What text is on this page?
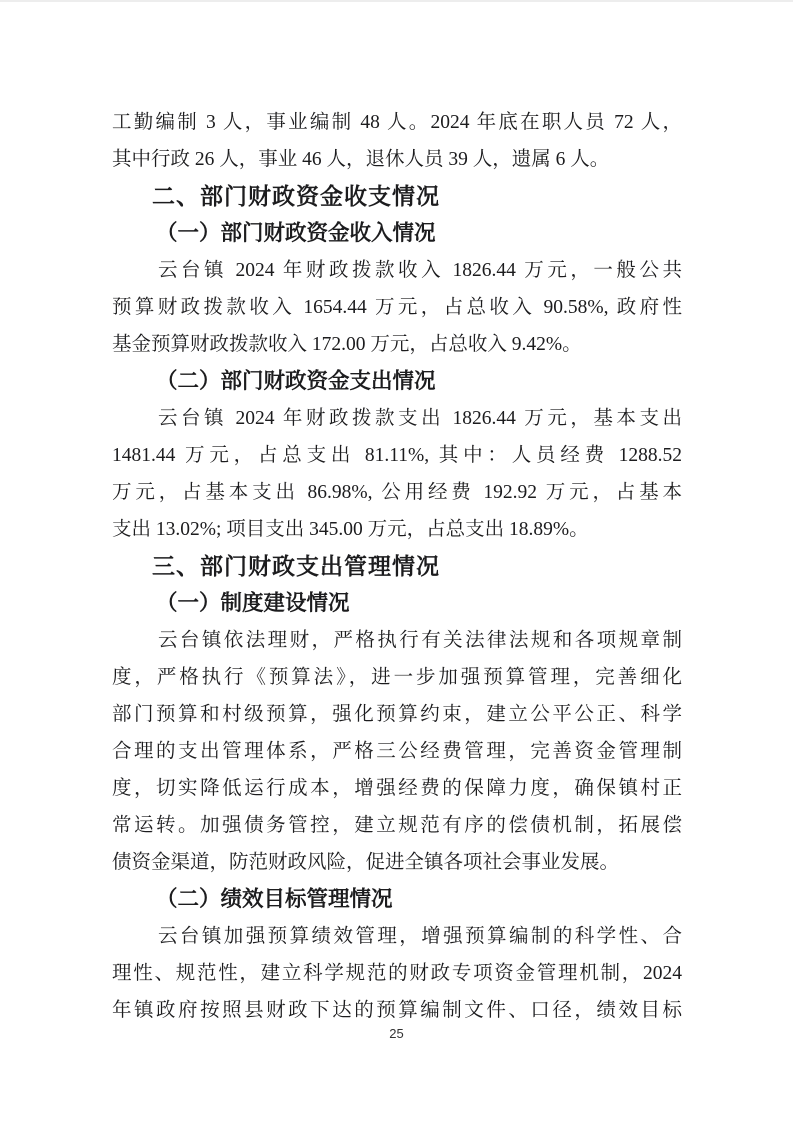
工勤编制 3 人，事业编制 48 人。2024 年底在职人员 72 人，
其中行政 26 人，事业 46 人，退休人员 39 人，遗属 6 人。
二、部门财政资金收支情况
（一）部门财政资金收入情况
云台镇 2024 年财政拨款收入 1826.44 万元，一般公共
预算财政拨款收入 1654.44 万元，占总收入 90.58%, 政府性
基金预算财政拨款收入 172.00 万元，占总收入 9.42%。
（二）部门财政资金支出情况
云台镇 2024 年财政拨款支出 1826.44 万元，基本支出
1481.44 万元，占总支出 81.11%, 其中：人员经费 1288.52
万元，占基本支出 86.98%, 公用经费 192.92 万元，占基本
支出 13.02%; 项目支出 345.00 万元，占总支出 18.89%。
三、部门财政支出管理情况
（一）制度建设情况
云台镇依法理财，严格执行有关法律法规和各项规章制
度，严格执行《预算法》，进一步加强预算管理，完善细化
部门预算和村级预算，强化预算约束，建立公平公正、科学
合理的支出管理体系，严格三公经费管理，完善资金管理制
度，切实降低运行成本，增强经费的保障力度，确保镇村正
常运转。加强债务管控，建立规范有序的偿债机制，拓展偿
债资金渠道，防范财政风险，促进全镇各项社会事业发展。
（二）绩效目标管理情况
云台镇加强预算绩效管理，增强预算编制的科学性、合
理性、规范性，建立科学规范的财政专项资金管理机制，2024
年镇政府按照县财政下达的预算编制文件、口径，绩效目标
25
